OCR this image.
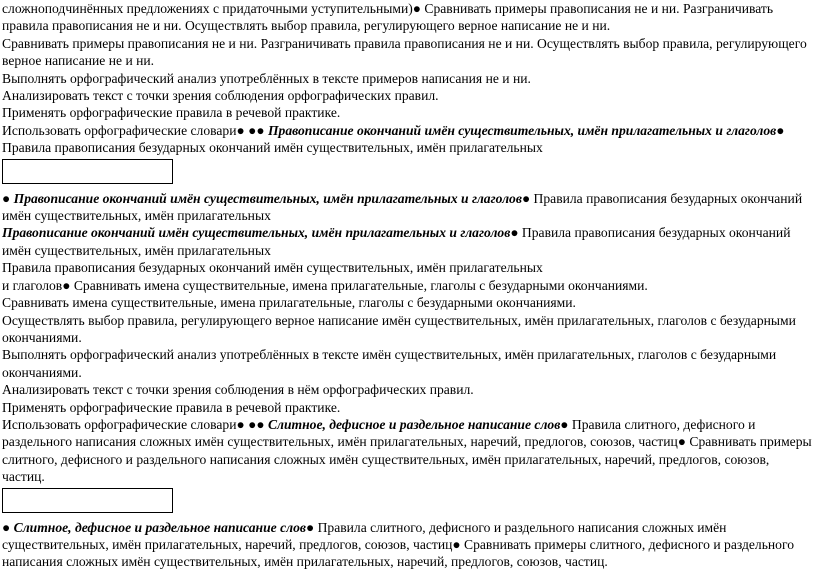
сложноподчинённых предложениях с придаточными уступительными)● Сравнивать примеры правописания не и ни. Разграничивать правила правописания не и ни. Осуществлять выбор правила, регулирующего верное написание не и ни.

Сравнивать примеры правописания не и ни. Разграничивать правила правописания не и ни. Осуществлять выбор правила, регулирующего верное написание не и ни.

Выполнять орфографический анализ употреблённых в тексте примеров написания не и ни.

Анализировать текст с точки зрения соблюдения орфографических правил.

Применять орфографические правила в речевой практике.

Использовать орфографические словари● ●● Правописание окончаний имён существительных, имён прилагательных и глаголов● Правила правописания безударных окончаний имён существительных, имён прилагательных

● Правописание окончаний имён существительных, имён прилагательных и глаголов● Правила правописания безударных окончаний имён существительных, имён прилагательных

Правописание окончаний имён существительных, имён прилагательных и глаголов● Правила правописания безударных окончаний имён существительных, имён прилагательных

Правила правописания безударных окончаний имён существительных, имён прилагательных

и глаголов● Сравнивать имена существительные, имена прилагательные, глаголы с безударными окончаниями.

Сравнивать имена существительные, имена прилагательные, глаголы с безударными окончаниями.

Осуществлять выбор правила, регулирующего верное написание имён существительных, имён прилагательных, глаголов с безударными окончаниями.

Выполнять орфографический анализ употреблённых в тексте имён существительных, имён прилагательных, глаголов с безударными окончаниями.

Анализировать текст с точки зрения соблюдения в нём орфографических правил.

Применять орфографические правила в речевой практике.

Использовать орфографические словари● ●● Слитное, дефисное и раздельное написание слов● Правила слитного, дефисного и раздельного написания сложных имён существительных, имён прилагательных, наречий, предлогов, союзов, частиц● Сравнивать примеры слитного, дефисного и раздельного написания сложных имён существительных, имён прилагательных, наречий, предлогов, союзов, частиц.

● Слитное, дефисное и раздельное написание слов● Правила слитного, дефисного и раздельного написания сложных имён существительных, имён прилагательных, наречий, предлогов, союзов, частиц● Сравнивать примеры слитного, дефисного и раздельного написания сложных имён существительных, имён прилагательных, наречий, предлогов, союзов, частиц.
